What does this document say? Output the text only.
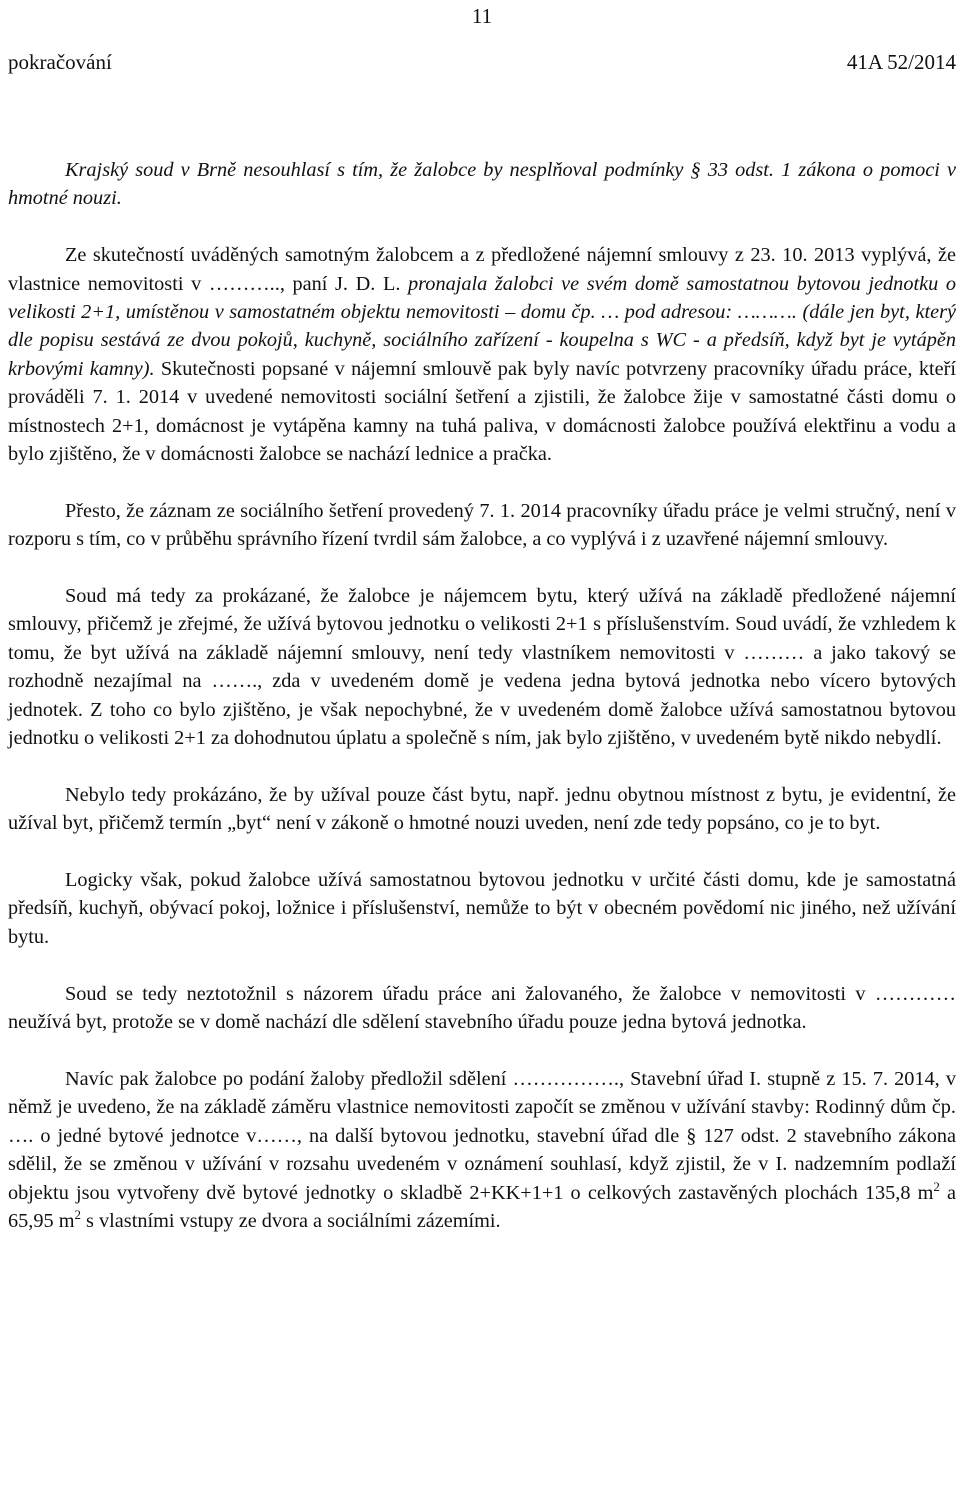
11
pokračování	41A 52/2014

Krajský soud v Brně nesouhlasí s tím, že žalobce by nesplňoval podmínky § 33 odst. 1 zákona o pomoci v hmotné nouzi.

Ze skutečností uváděných samotným žalobcem a z předložené nájemní smlouvy z 23. 10. 2013 vyplývá, že vlastnice nemovitosti v ……….., paní J. D. L. pronajala žalobci ve svém domě samostatnou bytovou jednotku o velikosti 2+1, umístěnou v samostatném objektu nemovitosti – domu čp. … pod adresou: ………. (dále jen byt, který dle popisu sestává ze dvou pokojů, kuchyně, sociálního zařízení - koupelna s WC - a předsíň, když byt je vytápěn krbovými kamny). Skutečnosti popsané v nájemní smlouvě pak byly navíc potvrzeny pracovníky úřadu práce, kteří prováděli 7. 1. 2014 v uvedené nemovitosti sociální šetření a zjistili, že žalobce žije v samostatné části domu o místnostech 2+1, domácnost je vytápěna kamny na tuhá paliva, v domácnosti žalobce používá elektřinu a vodu a bylo zjištěno, že v domácnosti žalobce se nachází lednice a pračka.

Přesto, že záznam ze sociálního šetření provedený 7. 1. 2014 pracovníky úřadu práce je velmi stručný, není v rozporu s tím, co v průběhu správního řízení tvrdil sám žalobce, a co vyplývá i z uzavřené nájemní smlouvy.

Soud má tedy za prokázané, že žalobce je nájemcem bytu, který užívá na základě předložené nájemní smlouvy, přičemž je zřejmé, že užívá bytovou jednotku o velikosti 2+1 s příslušenstvím. Soud uvádí, že vzhledem k tomu, že byt užívá na základě nájemní smlouvy, není tedy vlastníkem nemovitosti v ……… a jako takový se rozhodně nezajímal na ……., zda v uvedeném domě je vedena jedna bytová jednotka nebo vícero bytových jednotek. Z toho co bylo zjištěno, je však nepochybné, že v uvedeném domě žalobce užívá samostatnou bytovou jednotku o velikosti 2+1 za dohodnutou úplatu a společně s ním, jak bylo zjištěno, v uvedeném bytě nikdo nebydlí.

Nebylo tedy prokázáno, že by užíval pouze část bytu, např. jednu obytnou místnost z bytu, je evidentní, že užíval byt, přičemž termín „byt“ není v zákoně o hmotné nouzi uveden, není zde tedy popsáno, co je to byt.

Logicky však, pokud žalobce užívá samostatnou bytovou jednotku v určité části domu, kde je samostatná předsíň, kuchyň, obývací pokoj, ložnice i příslušenství, nemůže to být v obecném povědomí nic jiného, než užívání bytu.

Soud se tedy neztotožnil s názorem úřadu práce ani žalovaného, že žalobce v nemovitosti v ………… neužívá byt, protože se v domě nachází dle sdělení stavebního úřadu pouze jedna bytová jednotka.

Navíc pak žalobce po podání žaloby předložil sdělení ……………., Stavební úřad I. stupně z 15. 7. 2014, v němž je uvedeno, že na základě záměru vlastnice nemovitosti započít se změnou v užívání stavby: Rodinný dům čp. …. o jedné bytové jednotce v……, na další bytovou jednotku, stavební úřad dle § 127 odst. 2 stavebního zákona sdělil, že se změnou v užívání v rozsahu uvedeném v oznámení souhlasí, když zjistil, že v I. nadzemním podlaží objektu jsou vytvořeny dvě bytové jednotky o skladbě 2+KK+1+1 o celkových zastavěných plochách 135,8 $m^2$ a 65,95 $m^2$ s vlastními vstupy ze dvora a sociálními zázemími.
